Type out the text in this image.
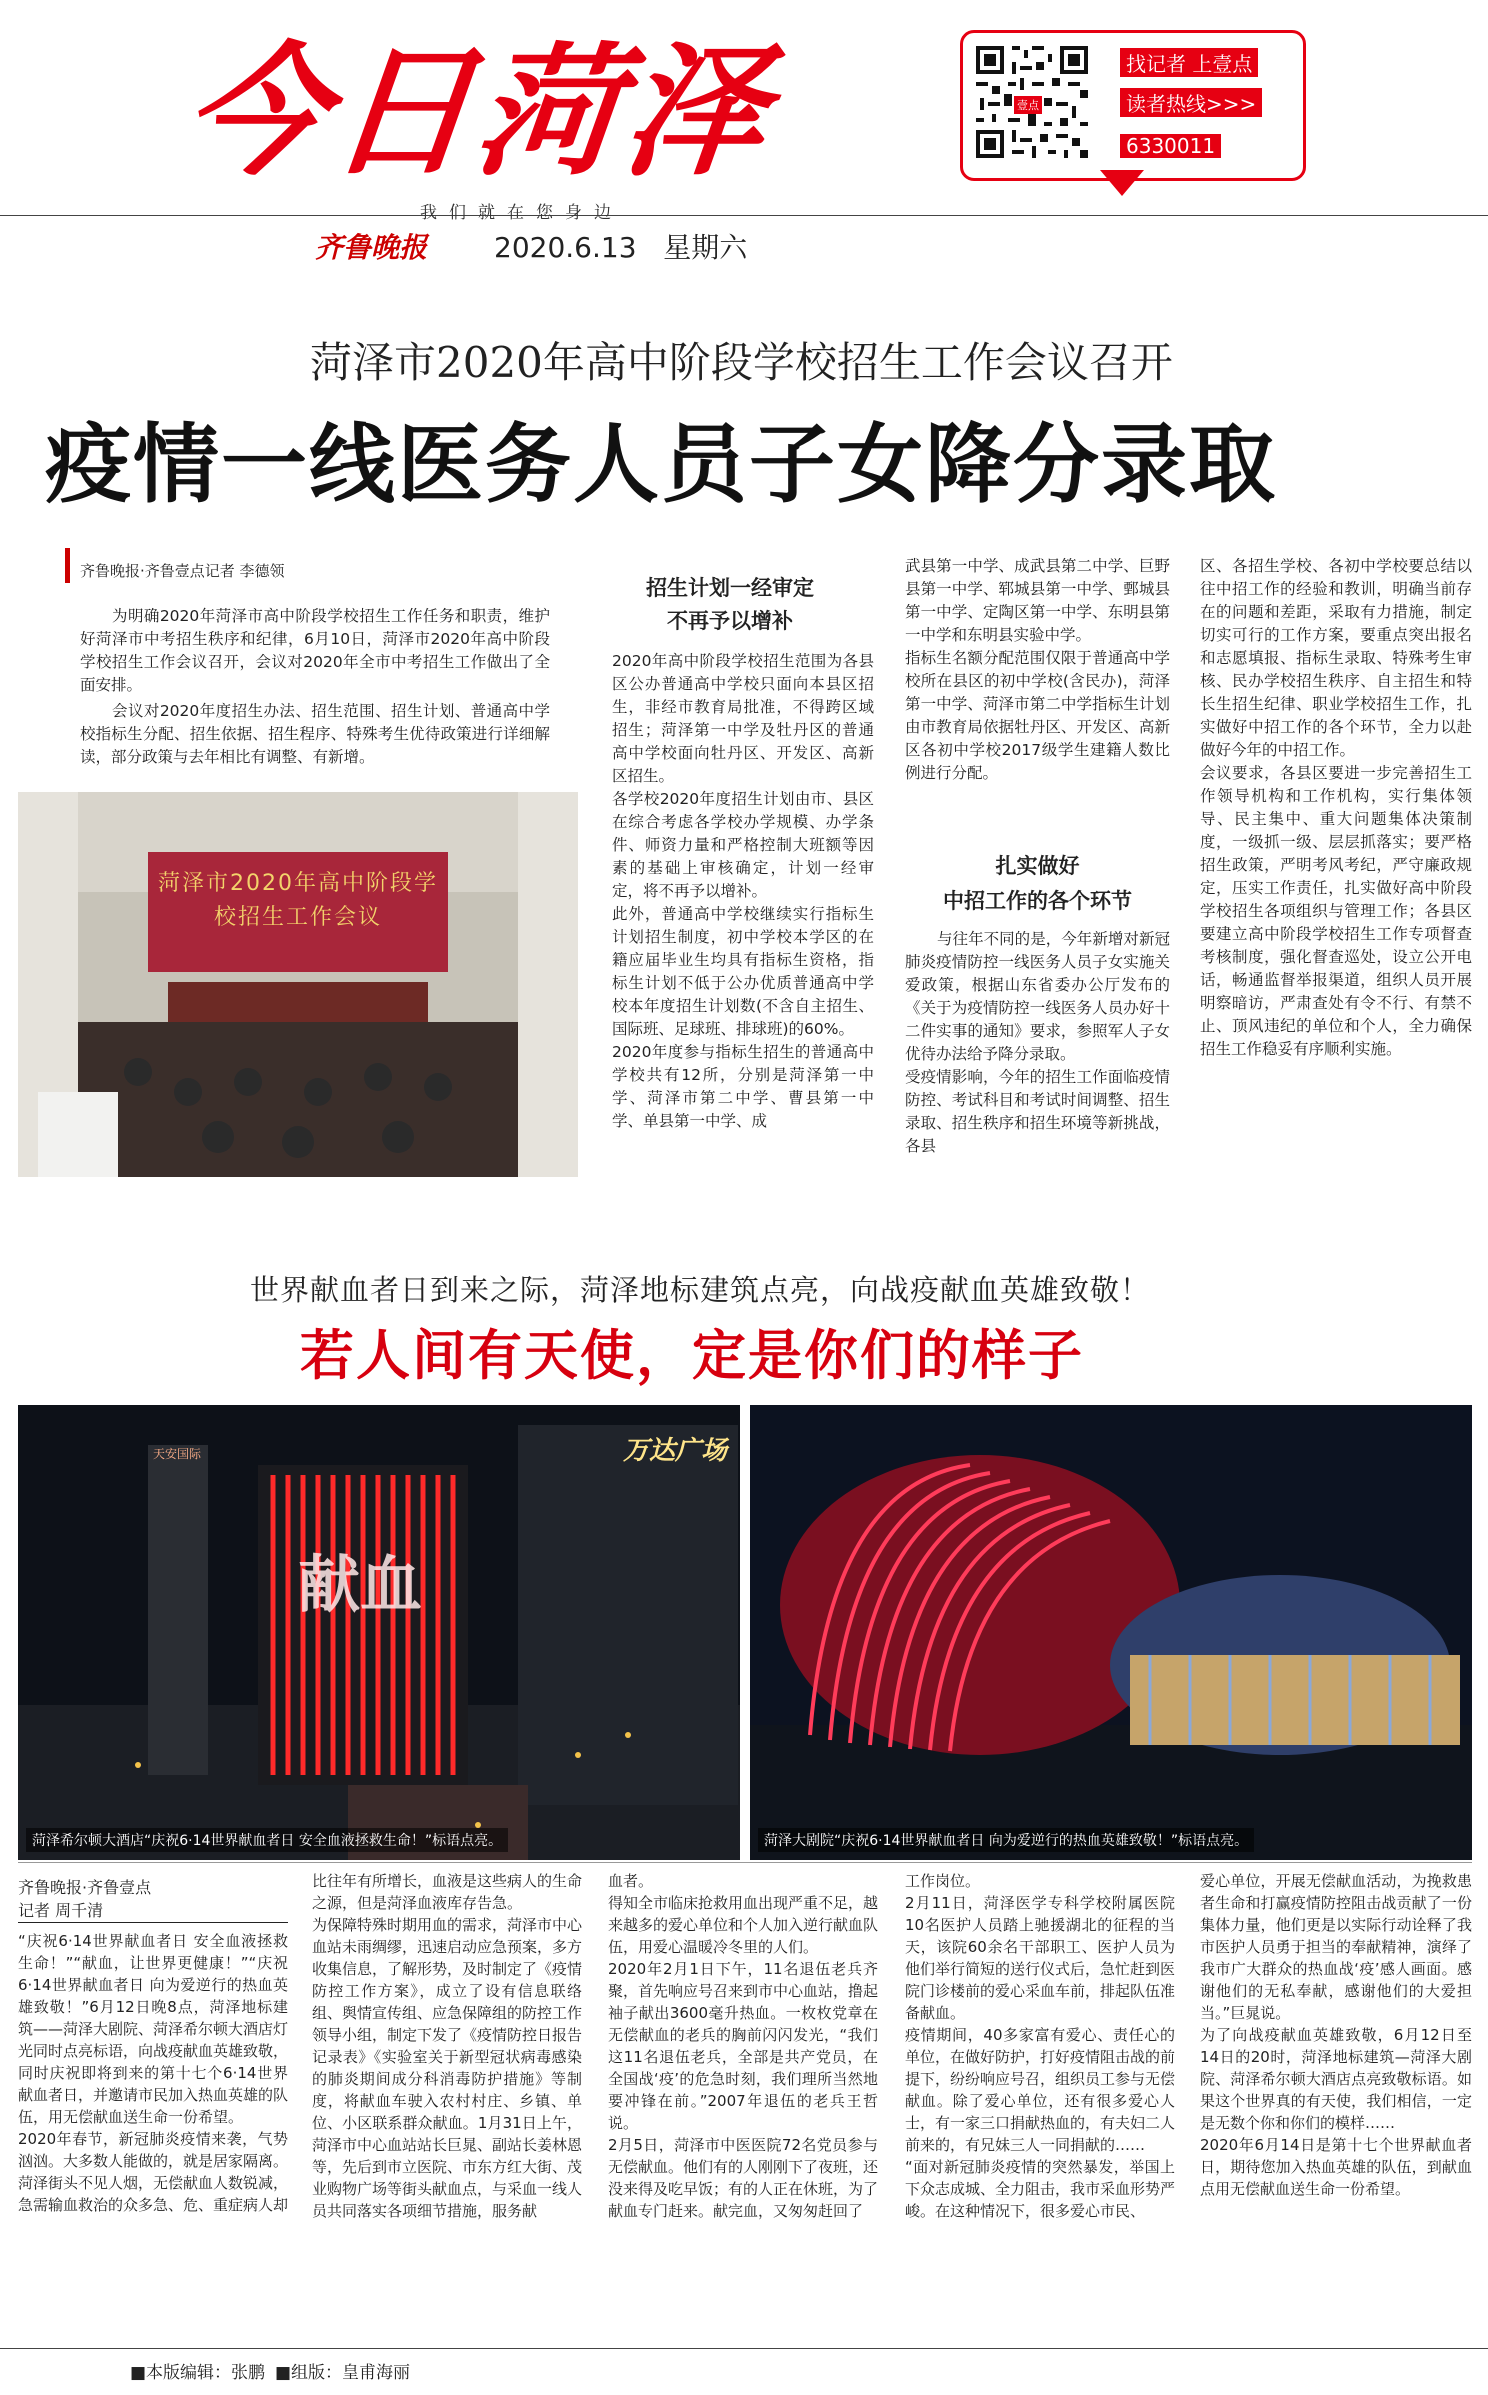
今日菏泽
我们就在您身边
齐鲁晚报 2020.6.13 星期六
壹点
找记者 上壹点
读者热线>>>
6330011
菏泽市2020年高中阶段学校招生工作会议召开
疫情一线医务人员子女降分录取
齐鲁晚报·齐鲁壹点记者 李德领
为明确2020年菏泽市高中阶段学校招生工作任务和职责，维护好菏泽市中考招生秩序和纪律，6月10日，菏泽市2020年高中阶段学校招生工作会议召开，会议对2020年全市中考招生工作做出了全面安排。
会议对2020年度招生办法、招生范围、招生计划、普通高中学校指标生分配、招生依据、招生程序、特殊考生优待政策进行详细解读，部分政策与去年相比有调整、有新增。
菏泽市2020年高中阶段学校招生工作会议
招生计划一经审定
不再予以增补
2020年高中阶段学校招生范围为各县区公办普通高中学校只面向本县区招生，非经市教育局批准，不得跨区域招生；菏泽第一中学及牡丹区的普通高中学校面向牡丹区、开发区、高新区招生。
各学校2020年度招生计划由市、县区在综合考虑各学校办学规模、办学条件、师资力量和严格控制大班额等因素的基础上审核确定，计划一经审定，将不再予以增补。
此外，普通高中学校继续实行指标生计划招生制度，初中学校本学区的在籍应届毕业生均具有指标生资格，指标生计划不低于公办优质普通高中学校本年度招生计划数(不含自主招生、国际班、足球班、排球班)的60%。
2020年度参与指标生招生的普通高中学校共有12所，分别是菏泽第一中学、菏泽市第二中学、曹县第一中学、单县第一中学、成
武县第一中学、成武县第二中学、巨野县第一中学、郓城县第一中学、鄄城县第一中学、定陶区第一中学、东明县第一中学和东明县实验中学。
指标生名额分配范围仅限于普通高中学校所在县区的初中学校(含民办)，菏泽第一中学、菏泽市第二中学指标生计划由市教育局依据牡丹区、开发区、高新区各初中学校2017级学生建籍人数比例进行分配。
扎实做好
中招工作的各个环节
与往年不同的是，今年新增对新冠肺炎疫情防控一线医务人员子女实施关爱政策，根据山东省委办公厅发布的《关于为疫情防控一线医务人员办好十二件实事的通知》要求，参照军人子女优待办法给予降分录取。
受疫情影响，今年的招生工作面临疫情防控、考试科目和考试时间调整、招生录取、招生秩序和招生环境等新挑战，各县
区、各招生学校、各初中学校要总结以往中招工作的经验和教训，明确当前存在的问题和差距，采取有力措施，制定切实可行的工作方案，要重点突出报名和志愿填报、指标生录取、特殊考生审核、民办学校招生秩序、自主招生和特长生招生纪律、职业学校招生工作，扎实做好中招工作的各个环节，全力以赴做好今年的中招工作。
会议要求，各县区要进一步完善招生工作领导机构和工作机构，实行集体领导、民主集中、重大问题集体决策制度，一级抓一级、层层抓落实；要严格招生政策，严明考风考纪，严守廉政规定，压实工作责任，扎实做好高中阶段学校招生各项组织与管理工作；各县区要建立高中阶段学校招生工作专项督查考核制度，强化督查巡处，设立公开电话，畅通监督举报渠道，组织人员开展明察暗访，严肃查处有令不行、有禁不止、顶风违纪的单位和个人，全力确保招生工作稳妥有序顺利实施。
世界献血者日到来之际，菏泽地标建筑点亮，向战疫献血英雄致敬！
若人间有天使，定是你们的样子
献血
万达广场
天安国际
菏泽希尔顿大酒店“庆祝6·14世界献血者日 安全血液拯救生命！”标语点亮。	菏泽大剧院“庆祝6·14世界献血者日 向为爱逆行的热血英雄致敬！”标语点亮。
齐鲁晚报·齐鲁壹点
记者 周千清
“庆祝6·14世界献血者日 安全血液拯救生命！”“献血，让世界更健康！”“庆祝6·14世界献血者日 向为爱逆行的热血英雄致敬！”6月12日晚8点，菏泽地标建筑——菏泽大剧院、菏泽希尔顿大酒店灯光同时点亮标语，向战疫献血英雄致敬，同时庆祝即将到来的第十七个6·14世界献血者日，并邀请市民加入热血英雄的队伍，用无偿献血送生命一份希望。
2020年春节，新冠肺炎疫情来袭，气势汹汹。大多数人能做的，就是居家隔离。菏泽街头不见人烟，无偿献血人数锐减，急需输血救治的众多急、危、重症病人却
比往年有所增长，血液是这些病人的生命之源，但是菏泽血液库存告急。
为保障特殊时期用血的需求，菏泽市中心血站未雨绸缪，迅速启动应急预案，多方收集信息，了解形势，及时制定了《疫情防控工作方案》，成立了设有信息联络组、舆情宣传组、应急保障组的防控工作领导小组，制定下发了《疫情防控日报告记录表》《实验室关于新型冠状病毒感染的肺炎期间成分科消毒防护措施》等制度，将献血车驶入农村村庄、乡镇、单位、小区联系群众献血。1月31日上午，菏泽市中心血站站长巨晁、副站长姜林恩等，先后到市立医院、市东方红大街、茂业购物广场等街头献血点，与采血一线人员共同落实各项细节措施，服务献
血者。
得知全市临床抢救用血出现严重不足，越来越多的爱心单位和个人加入逆行献血队伍，用爱心温暖冷冬里的人们。
2020年2月1日下午，11名退伍老兵齐聚，首先响应号召来到市中心血站，撸起袖子献出3600毫升热血。一枚枚党章在无偿献血的老兵的胸前闪闪发光，“我们这11名退伍老兵，全部是共产党员，在全国战‘疫’的危急时刻，我们理所当然地要冲锋在前。”2007年退伍的老兵王哲说。
2月5日，菏泽市中医医院72名党员参与无偿献血。他们有的人刚刚下了夜班，还没来得及吃早饭；有的人正在休班，为了献血专门赶来。献完血，又匆匆赶回了
工作岗位。
2月11日，菏泽医学专科学校附属医院10名医护人员踏上驰援湖北的征程的当天，该院60余名干部职工、医护人员为他们举行简短的送行仪式后，急忙赶到医院门诊楼前的爱心采血车前，排起队伍准备献血。
疫情期间，40多家富有爱心、责任心的单位，在做好防护，打好疫情阻击战的前提下，纷纷响应号召，组织员工参与无偿献血。除了爱心单位，还有很多爱心人士，有一家三口捐献热血的，有夫妇二人前来的，有兄妹三人一同捐献的……
“面对新冠肺炎疫情的突然暴发，举国上下众志成城、全力阻击，我市采血形势严峻。在这种情况下，很多爱心市民、
爱心单位，开展无偿献血活动，为挽救患者生命和打赢疫情防控阻击战贡献了一份集体力量，他们更是以实际行动诠释了我市医护人员勇于担当的奉献精神，演绎了我市广大群众的热血战‘疫’感人画面。感谢他们的无私奉献，感谢他们的大爱担当。”巨晁说。
为了向战疫献血英雄致敬，6月12日至14日的20时，菏泽地标建筑—菏泽大剧院、菏泽希尔顿大酒店点亮致敬标语。如果这个世界真的有天使，我们相信，一定是无数个你和你们的模样……
2020年6月14日是第十七个世界献血者日，期待您加入热血英雄的队伍，到献血点用无偿献血送生命一份希望。
■本版编辑：张鹏 ■组版：皇甫海丽
